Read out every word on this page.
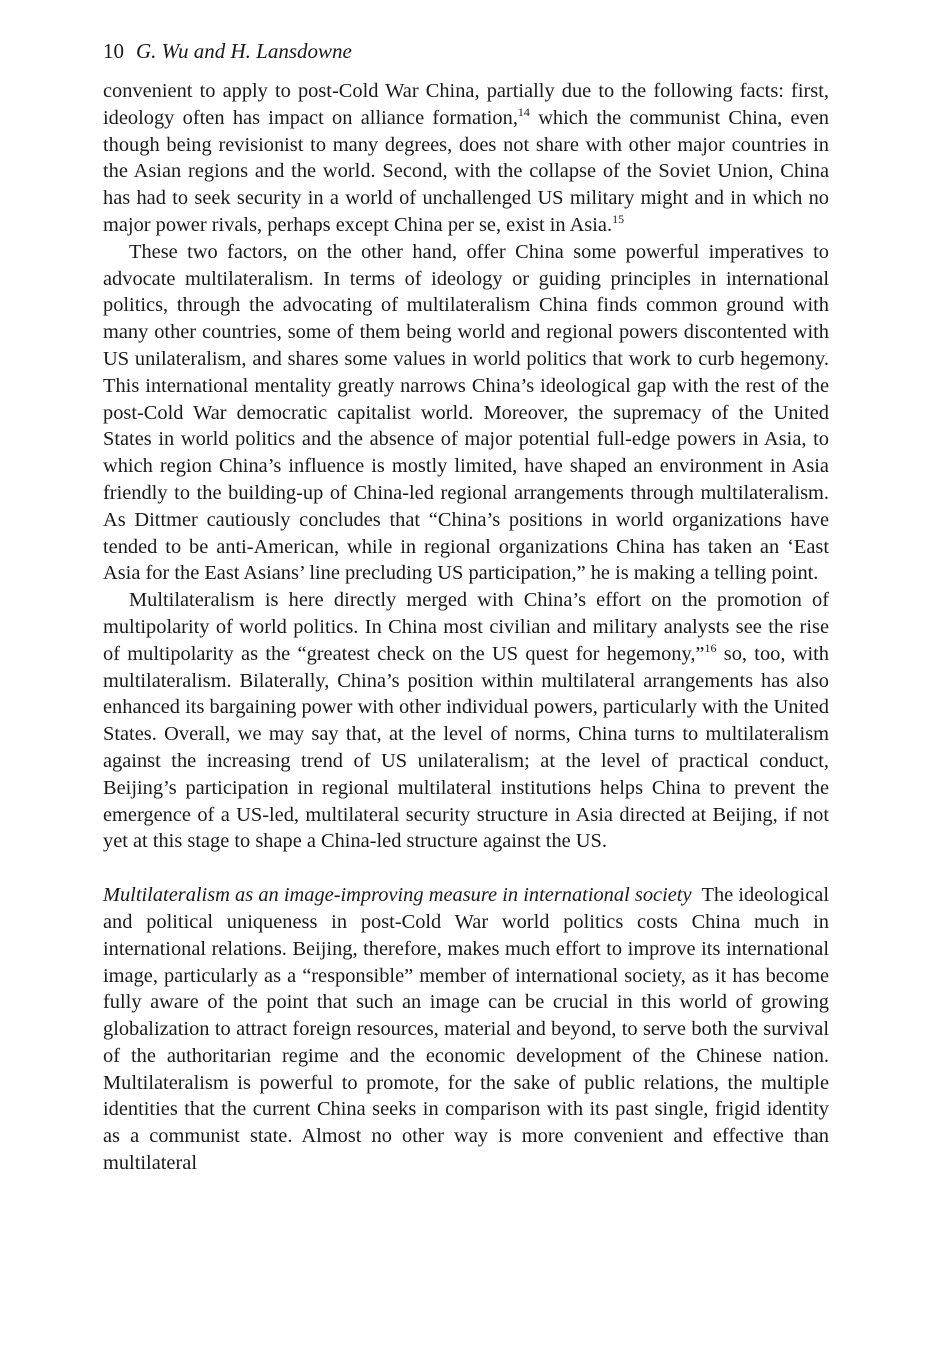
10 G. Wu and H. Lansdowne

convenient to apply to post-Cold War China, partially due to the following facts: first, ideology often has impact on alliance formation,$^{14}$ which the communist China, even though being revisionist to many degrees, does not share with other major countries in the Asian regions and the world. Second, with the collapse of the Soviet Union, China has had to seek security in a world of unchallenged US military might and in which no major power rivals, perhaps except China per se, exist in Asia.$^{15}$

These two factors, on the other hand, offer China some powerful imperatives to advocate multilateralism. In terms of ideology or guiding principles in international politics, through the advocating of multilateralism China finds common ground with many other countries, some of them being world and regional powers discontented with US unilateralism, and shares some values in world politics that work to curb hegemony. This international mentality greatly narrows China’s ideological gap with the rest of the post-Cold War democratic capitalist world. Moreover, the supremacy of the United States in world politics and the absence of major potential full-edge powers in Asia, to which region China’s influence is mostly limited, have shaped an environment in Asia friendly to the building-up of China-led regional arrangements through multilateralism. As Dittmer cautiously concludes that “China’s positions in world organizations have tended to be anti-American, while in regional organizations China has taken an ‘East Asia for the East Asians’ line precluding US participation,” he is making a telling point.

Multilateralism is here directly merged with China’s effort on the promotion of multipolarity of world politics. In China most civilian and military analysts see the rise of multipolarity as the “greatest check on the US quest for hegemony,”$^{16}$ so, too, with multilateralism. Bilaterally, China’s position within multilateral arrangements has also enhanced its bargaining power with other individual powers, particularly with the United States. Overall, we may say that, at the level of norms, China turns to multilateralism against the increasing trend of US unilateralism; at the level of practical conduct, Beijing’s participation in regional multilateral institutions helps China to prevent the emergence of a US-led, multilateral security structure in Asia directed at Beijing, if not yet at this stage to shape a China-led structure against the US.

Multilateralism as an image-improving measure in international society The ideological and political uniqueness in post-Cold War world politics costs China much in international relations. Beijing, therefore, makes much effort to improve its international image, particularly as a “responsible” member of international society, as it has become fully aware of the point that such an image can be crucial in this world of growing globalization to attract foreign resources, material and beyond, to serve both the survival of the authoritarian regime and the economic development of the Chinese nation. Multilateralism is powerful to promote, for the sake of public relations, the multiple identities that the current China seeks in comparison with its past single, frigid identity as a communist state. Almost no other way is more convenient and effective than multilateral
